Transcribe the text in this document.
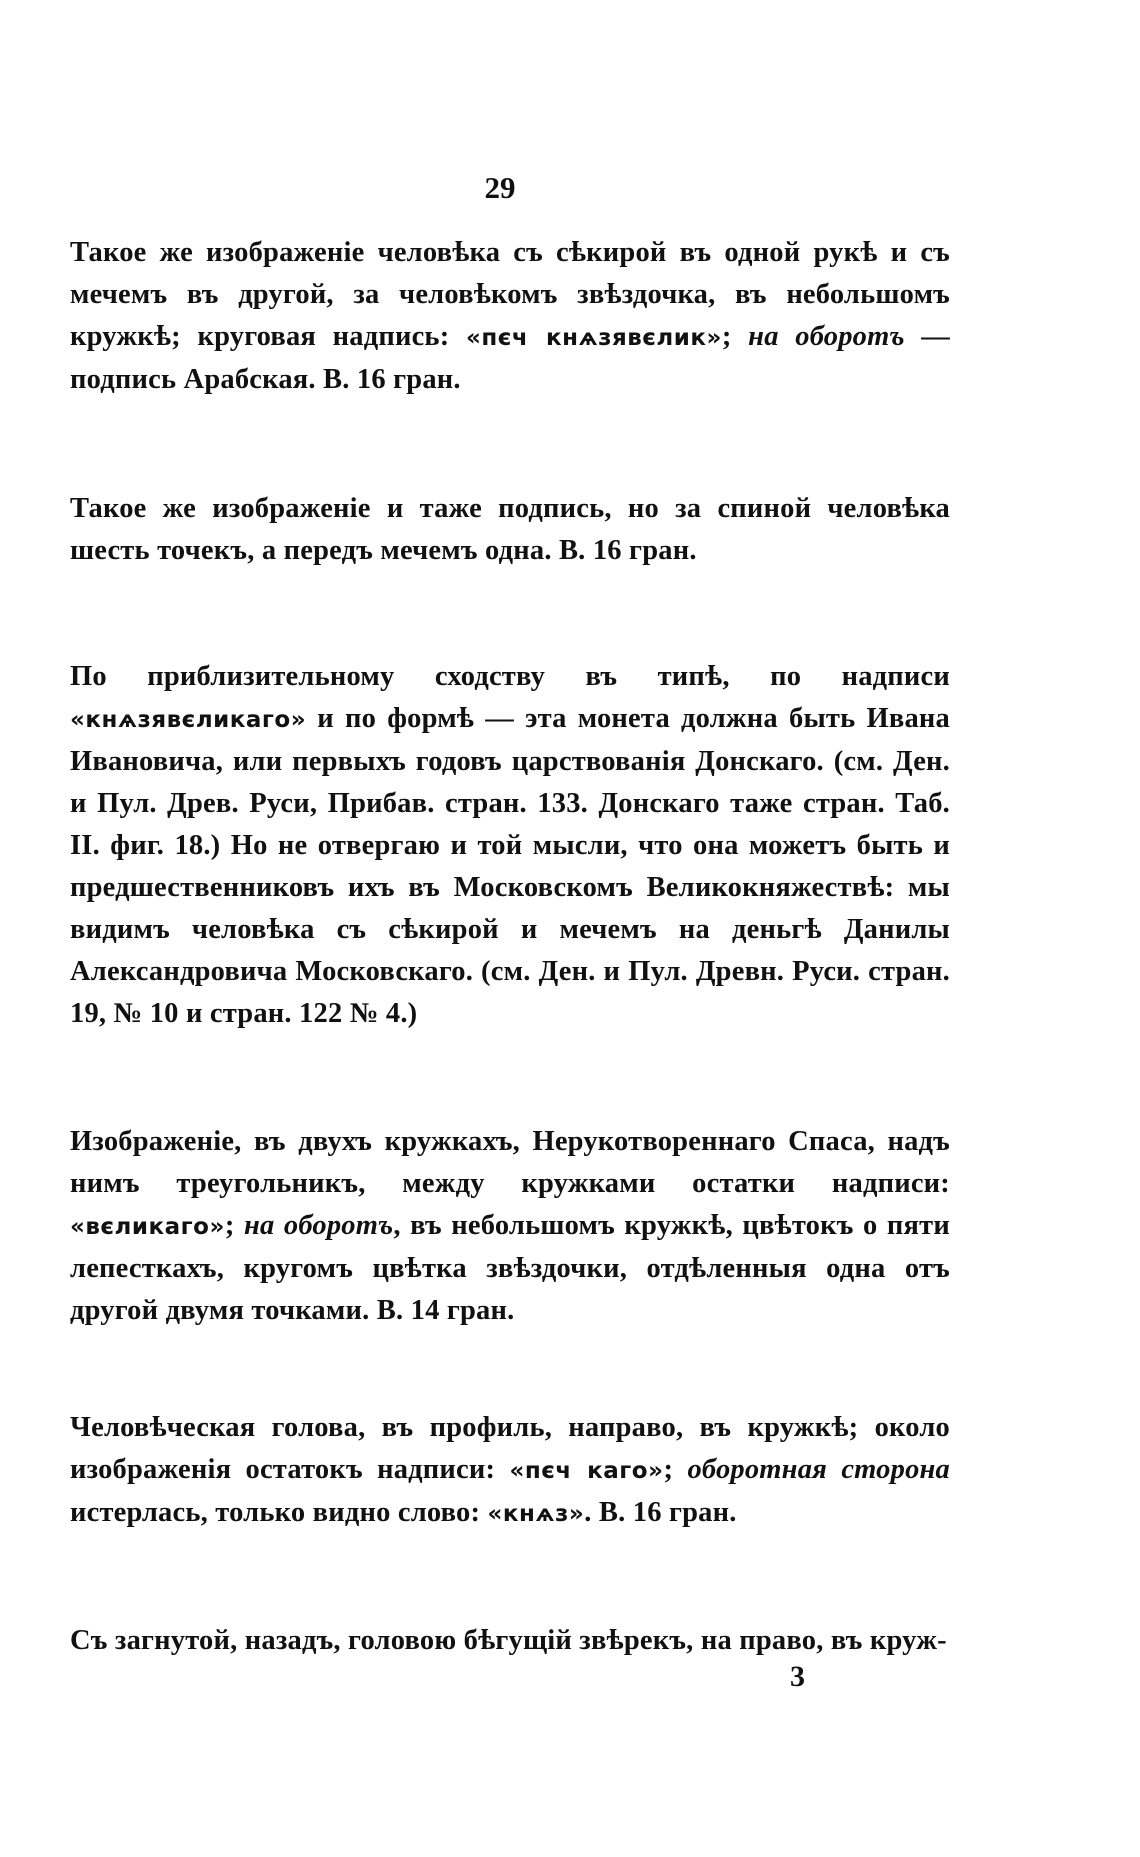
29
Такое же изображеніе человѣка съ сѣкирой въ одной рукѣ и съ мечемъ въ другой, за человѣкомъ звѣздочка, въ небольшомъ кружкѣ; круговая надпись: «пєч кнѧзявєлик»; на оборотъ — подпись Арабская. В. 16 гран.
Такое же изображеніе и таже подпись, но за спиной человѣка шесть точекъ, а передъ мечемъ одна. В. 16 гран.
По приблизительному сходству въ типѣ, по надписи «кнѧзявєликаго» и по формѣ — эта монета должна быть Ивана Ивановича, или первыхъ годовъ царствованія Донскаго. (см. Ден. и Пул. Древ. Руси, Прибав. стран. 133. Донскаго таже стран. Таб. II. фиг. 18.) Но не отвергаю и той мысли, что она можетъ быть и предшественниковъ ихъ въ Московскомъ Великокняжествѣ: мы видимъ человѣка съ сѣкирой и мечемъ на деньгѣ Данилы Александровича Московскаго. (см. Ден. и Пул. Древн. Руси. стран. 19, № 10 и стран. 122 № 4.)
Изображеніе, въ двухъ кружкахъ, Нерукотвореннаго Спаса, надъ нимъ треугольникъ, между кружками остатки надписи: «вєликаго»; на оборотъ, въ небольшомъ кружкѣ, цвѣтокъ о пяти лепесткахъ, кругомъ цвѣтка звѣздочки, отдѣленныя одна отъ другой двумя точками. В. 14 гран.
Человѣческая голова, въ профиль, направо, въ кружкѣ; около изображенія остатокъ надписи: «пєч каго»; оборотная сторона истерлась, только видно слово: «кнѧз». В. 16 гран.
Съ загнутой, назадъ, головою бѣгущій звѣрекъ, на право, въ круж-
3
